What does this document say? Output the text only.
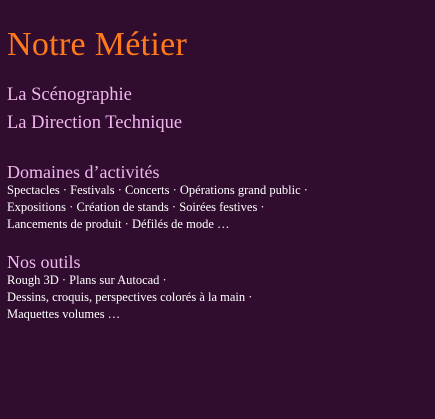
Notre Métier
La Scénographie
La Direction Technique
Domaines d’activités
Spectacles · Festivals · Concerts · Opérations grand public ·
Expositions · Création de stands · Soirées festives ·
Lancements de produit · Défilés de mode …
Nos outils
Rough 3D · Plans sur Autocad ·
Dessins, croquis, perspectives colorés à la main ·
Maquettes volumes …
